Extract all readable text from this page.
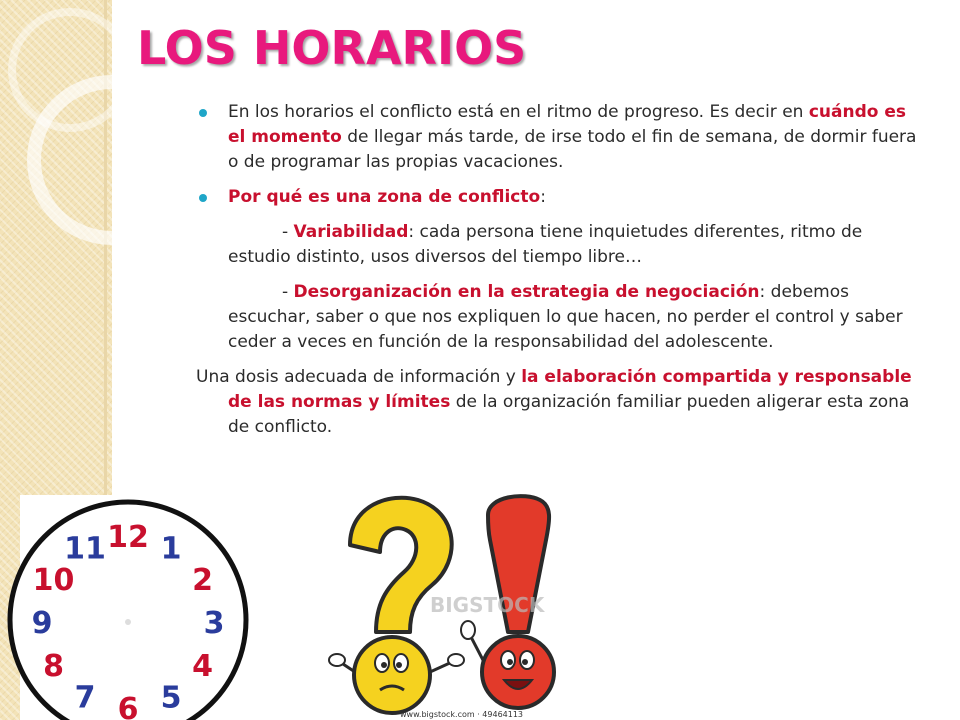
LOS HORARIOS

En los horarios el conflicto está en el ritmo de progreso. Es decir en cuándo es el momento de llegar más tarde, de irse todo el fin de semana, de dormir fuera o de programar las propias vacaciones.

Por qué es una zona de conflicto:

- Variabilidad: cada persona tiene inquietudes diferentes, ritmo de estudio distinto, usos diversos del tiempo libre…

- Desorganización en la estrategia de negociación: debemos escuchar, saber o que nos expliquen lo que hacen, no perder el control y saber ceder a veces en función de la responsabilidad del adolescente.

Una dosis adecuada de información y la elaboración compartida y responsable de las normas y límites de la organización familiar pueden aligerar esta zona de conflicto.

12 1
2
3
4
5
6
7
8
9
10
11
BIGSTOCK
www.bigstock.com · 49464113
